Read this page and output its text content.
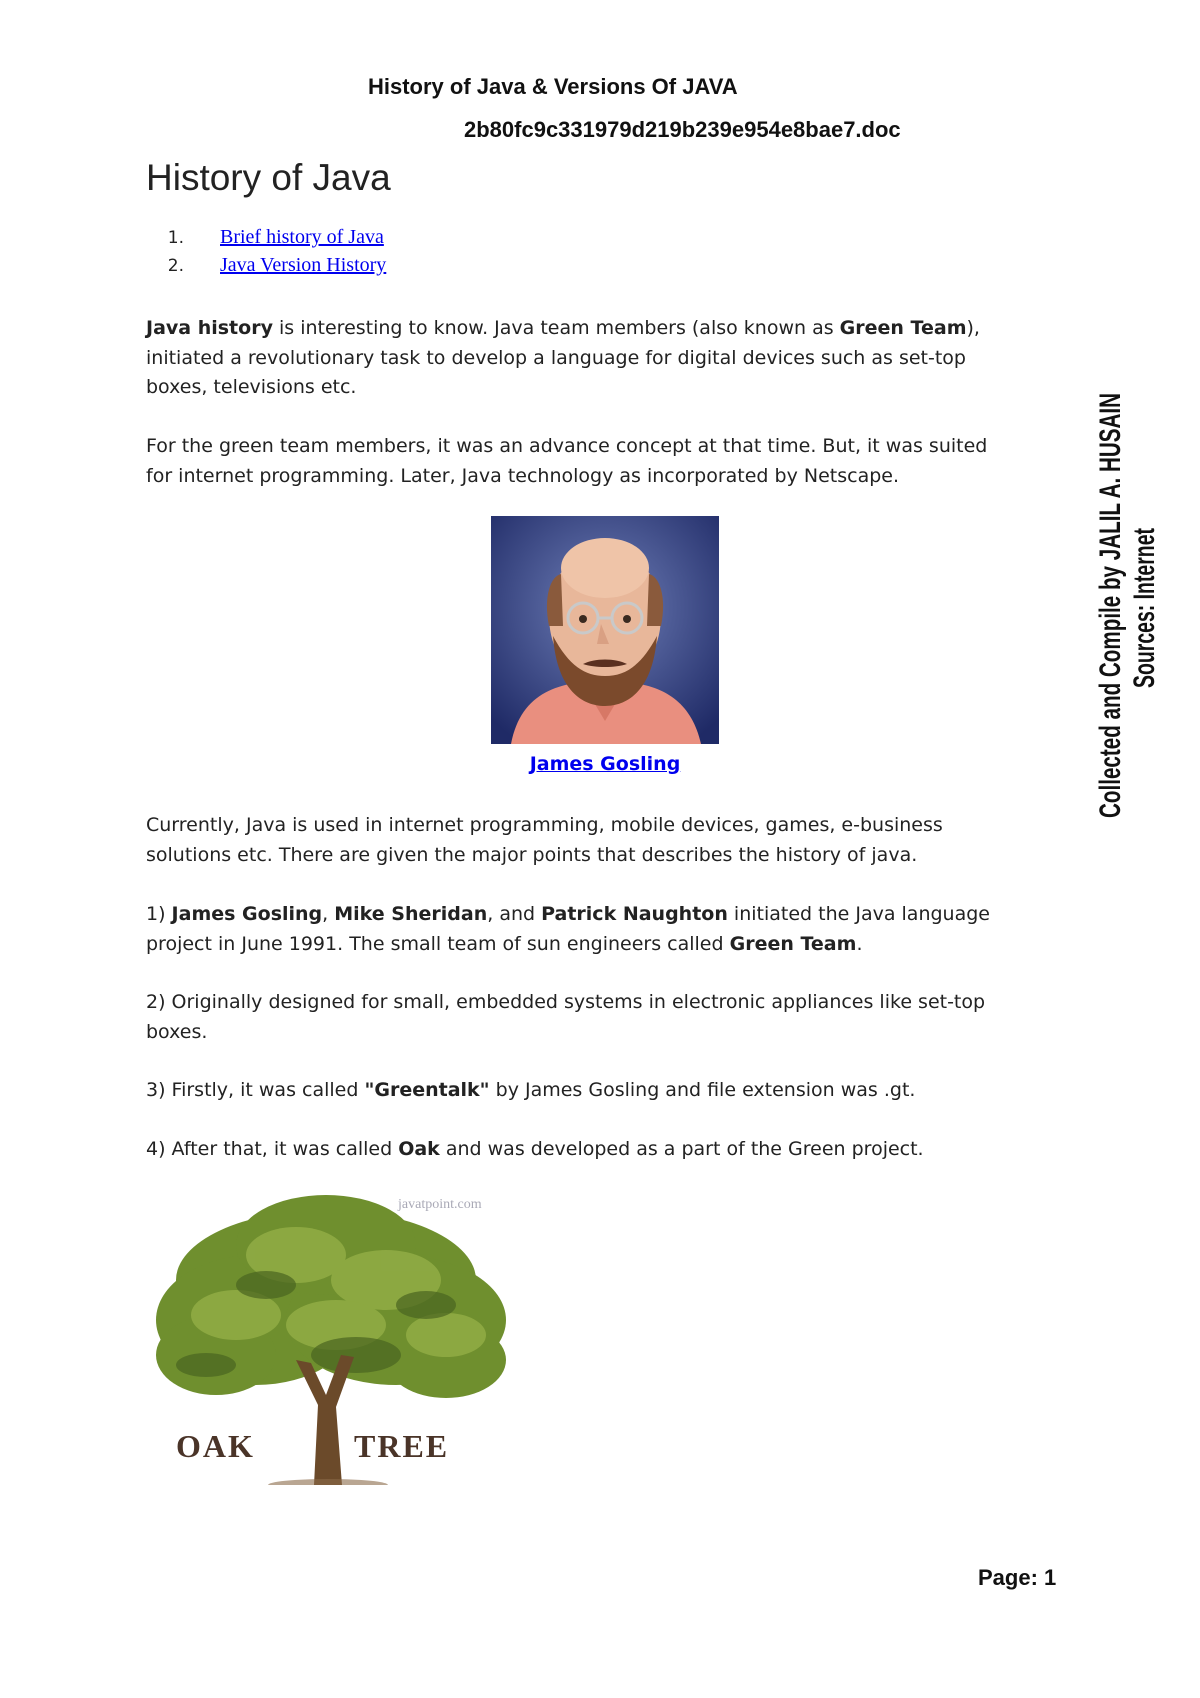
History of Java & Versions Of JAVA
2b80fc9c331979d219b239e954e8bae7.doc
History of Java
1. Brief history of Java
2. Java Version History
Java history is interesting to know. Java team members (also known as Green Team),
initiated a revolutionary task to develop a language for digital devices such as set-top
boxes, televisions etc.
For the green team members, it was an advance concept at that time. But, it was suited
for internet programming. Later, Java technology as incorporated by Netscape.
James Gosling
Currently, Java is used in internet programming, mobile devices, games, e-business
solutions etc. There are given the major points that describes the history of java.
1) James Gosling, Mike Sheridan, and Patrick Naughton initiated the Java language
project in June 1991. The small team of sun engineers called Green Team.
2) Originally designed for small, embedded systems in electronic appliances like set-top
boxes.
3) Firstly, it was called "Greentalk" by James Gosling and file extension was .gt.
4) After that, it was called Oak and was developed as a part of the Green project.
javatpoint.com
OAK	TREE
Collected and Compile by JALIL A. HUSAIN Sources: Internet
Page: 1
